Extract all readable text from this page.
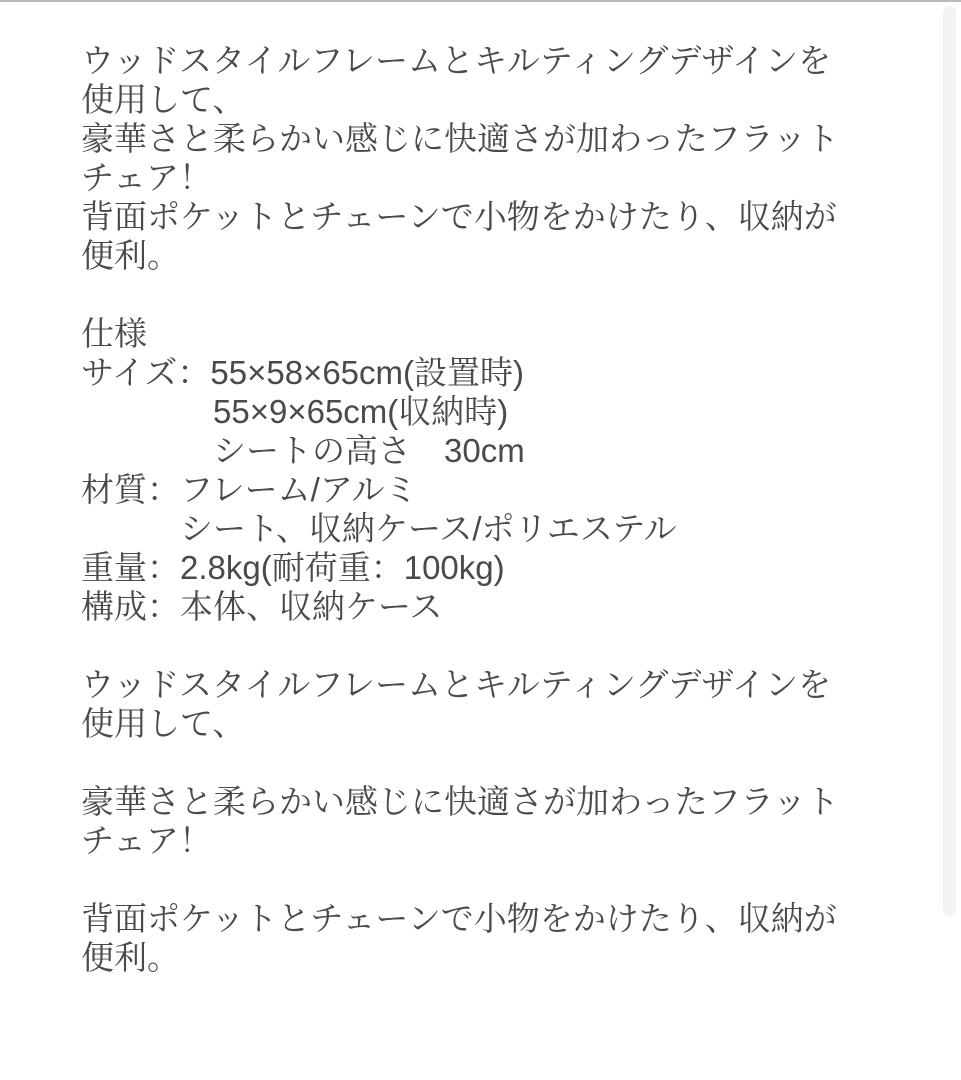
ウッドスタイルフレームとキルティングデザインを
使用して、
豪華さと柔らかい感じに快適さが加わったフラット
チェア！
背面ポケットとチェーンで小物をかけたり、収納が
便利。
仕様
サイズ：55×58×65cm(設置時)
　　　　55×9×65cm(収納時)
　　　　シートの高さ　30cm
材質：フレーム/アルミ
　　　シート、収納ケース/ポリエステル
重量：2.8kg(耐荷重：100kg)
構成：本体、収納ケース
ウッドスタイルフレームとキルティングデザインを
使用して、
豪華さと柔らかい感じに快適さが加わったフラット
チェア！
背面ポケットとチェーンで小物をかけたり、収納が
便利。
